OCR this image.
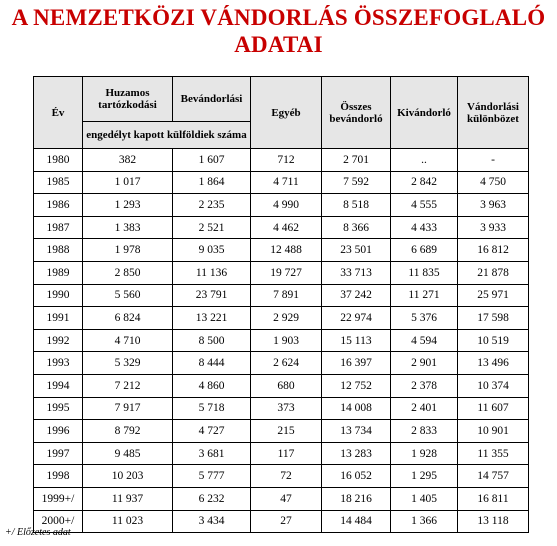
A NEMZETKÖZI VÁNDORLÁS ÖSSZEFOGLALÓ
ADATAI
Év	Huzamos tartózkodási	Bevándorlási	Egyéb	Összes bevándorló	Kivándorló	Vándorlási különbözet
	engedélyt kapott külföldiek száma					
1980	382	1 607	712	2 701	..	-
1985	1 017	1 864	4 711	7 592	2 842	4 750
1986	1 293	2 235	4 990	8 518	4 555	3 963
1987	1 383	2 521	4 462	8 366	4 433	3 933
1988	1 978	9 035	12 488	23 501	6 689	16 812
1989	2 850	11 136	19 727	33 713	11 835	21 878
1990	5 560	23 791	7 891	37 242	11 271	25 971
1991	6 824	13 221	2 929	22 974	5 376	17 598
1992	4 710	8 500	1 903	15 113	4 594	10 519
1993	5 329	8 444	2 624	16 397	2 901	13 496
1994	7 212	4 860	680	12 752	2 378	10 374
1995	7 917	5 718	373	14 008	2 401	11 607
1996	8 792	4 727	215	13 734	2 833	10 901
1997	9 485	3 681	117	13 283	1 928	11 355
1998	10 203	5 777	72	16 052	1 295	14 757
1999+/	11 937	6 232	47	18 216	1 405	16 811
2000+/	11 023	3 434	27	14 484	1 366	13 118
+/ Előzetes adat
